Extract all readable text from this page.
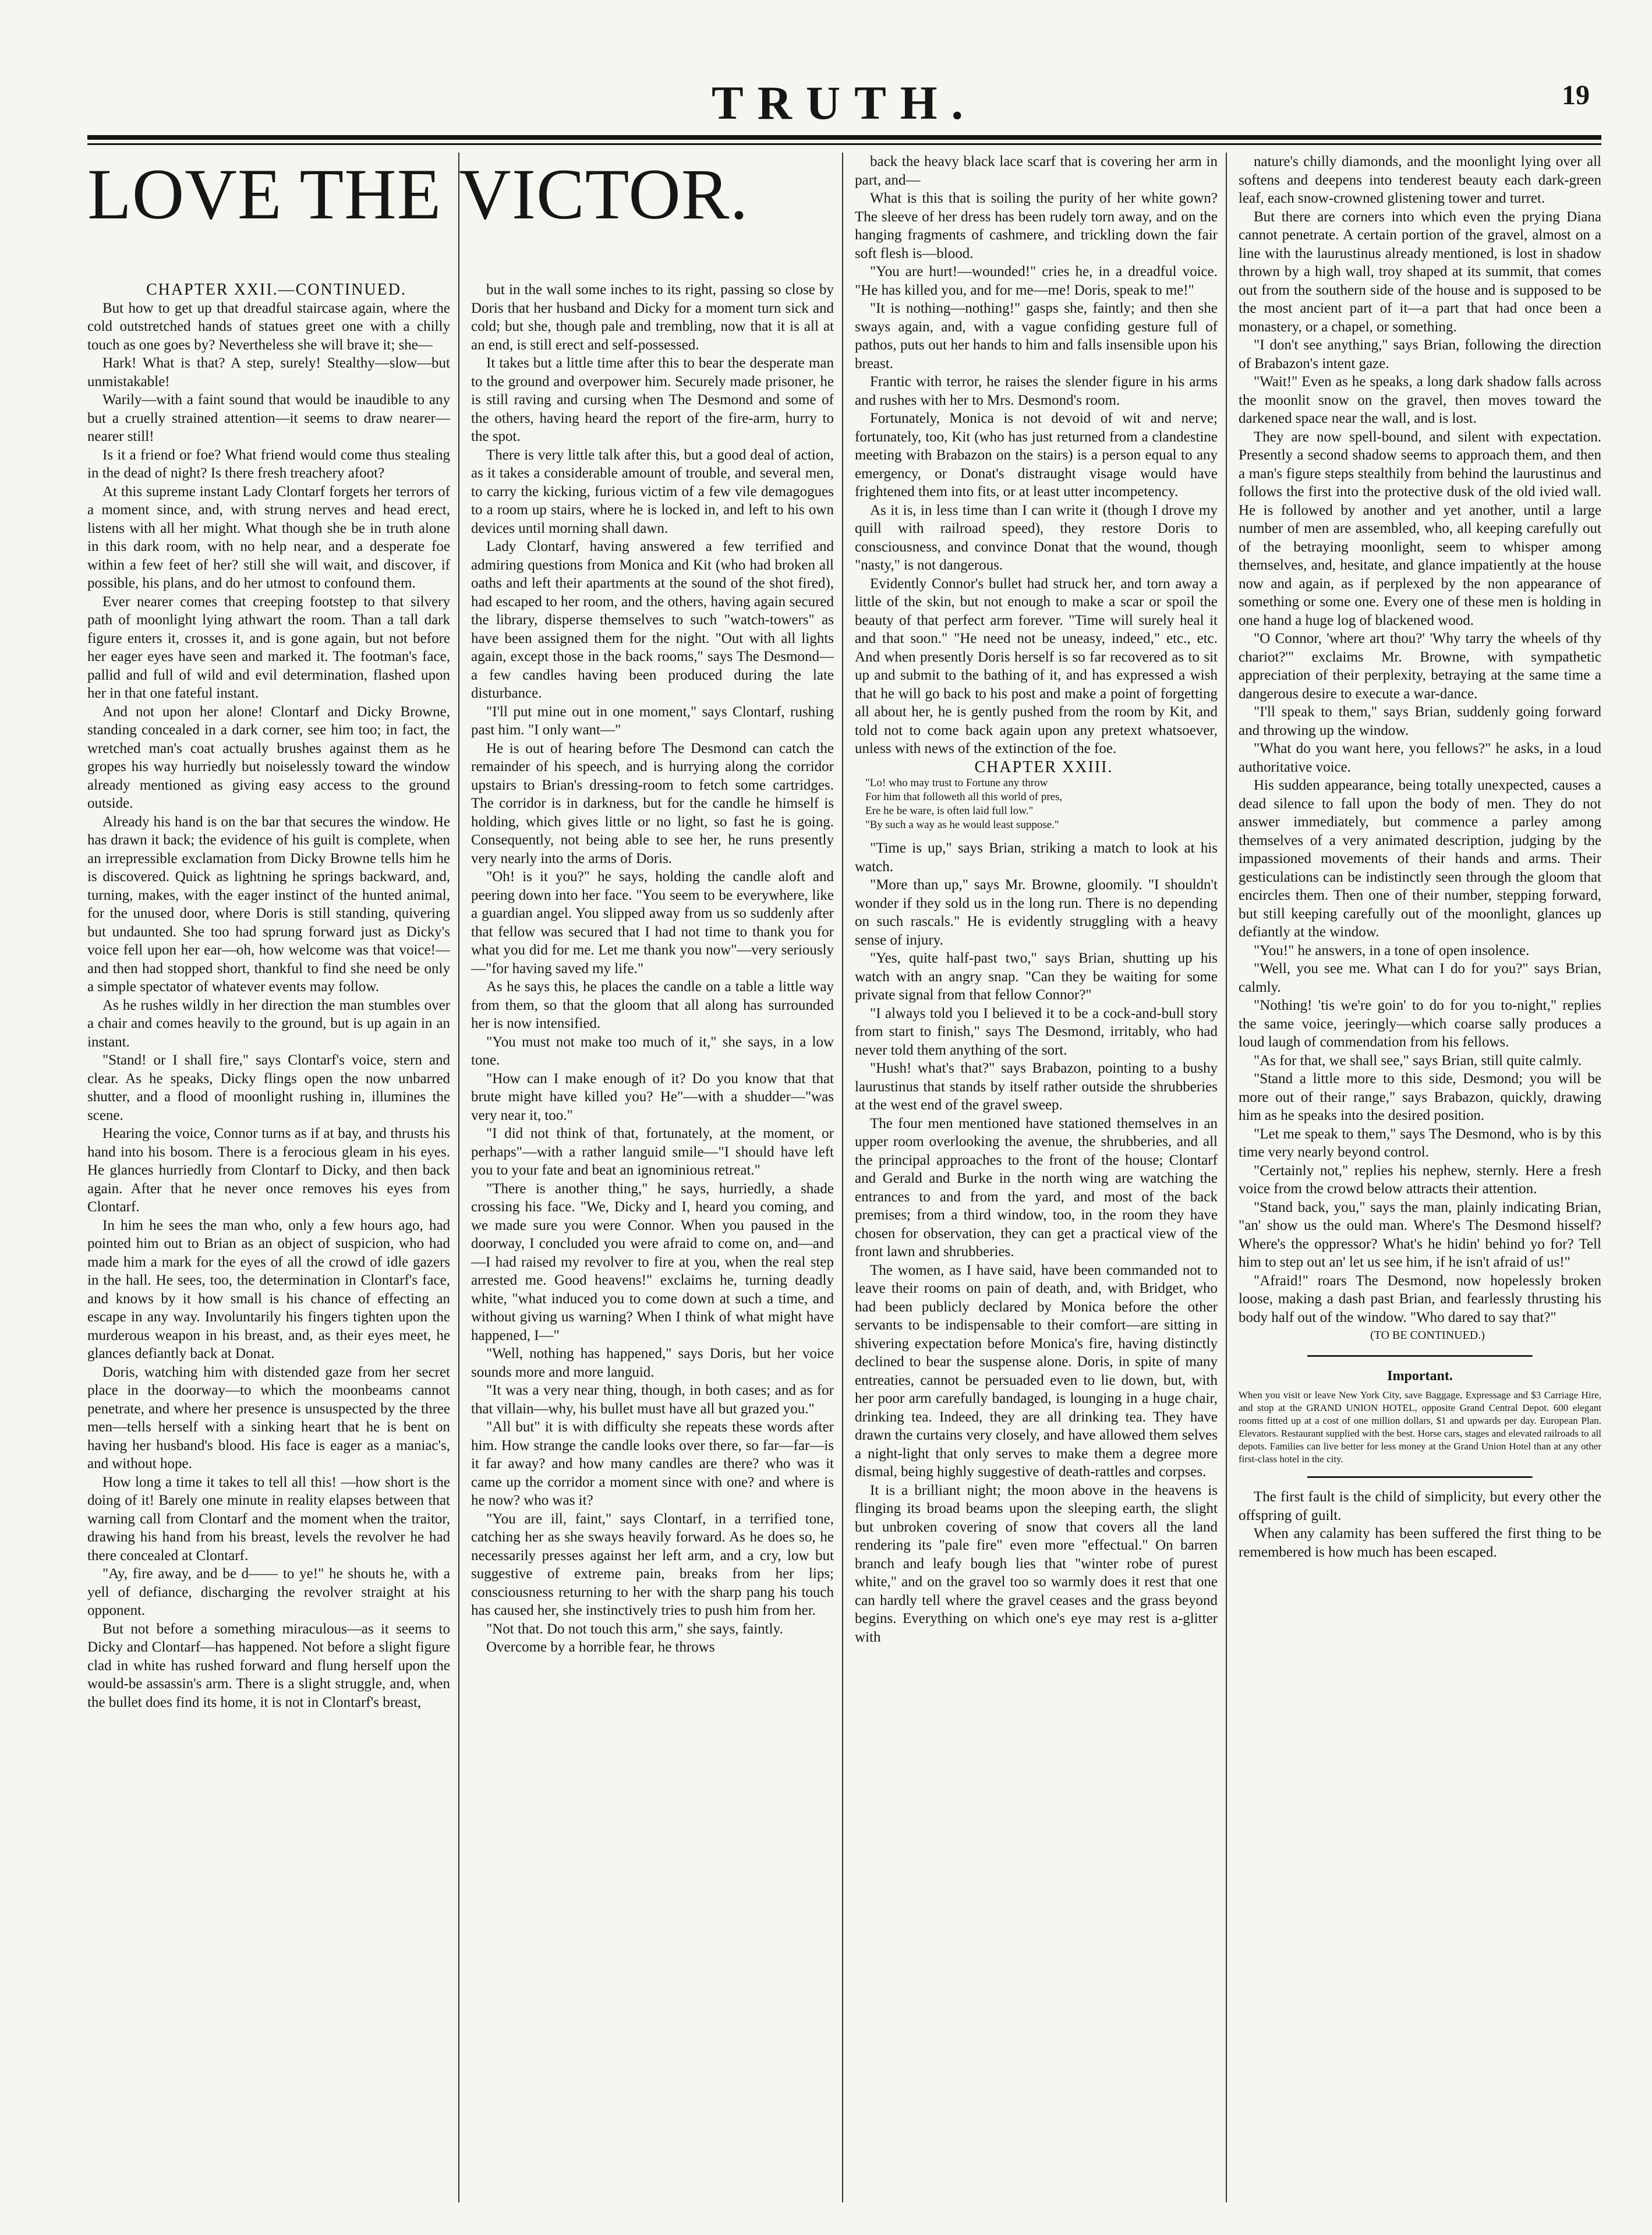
TRUTH.	19
LOVE THE VICTOR.

CHAPTER XXII.—CONTINUED.

But how to get up that dreadful staircase again, where the cold outstretched hands of statues greet one with a chilly touch as one goes by? Nevertheless she will brave it; she—

Hark! What is that? A step, surely! Stealthy—slow—but unmistakable!

Warily—with a faint sound that would be inaudible to any but a cruelly strained attention—it seems to draw nearer—nearer still!

Is it a friend or foe? What friend would come thus stealing in the dead of night? Is there fresh treachery afoot?

At this supreme instant Lady Clontarf forgets her terrors of a moment since, and, with strung nerves and head erect, listens with all her might. What though she be in truth alone in this dark room, with no help near, and a desperate foe within a few feet of her? still she will wait, and discover, if possible, his plans, and do her utmost to confound them.

Ever nearer comes that creeping footstep to that silvery path of moonlight lying athwart the room. Than a tall dark figure enters it, crosses it, and is gone again, but not before her eager eyes have seen and marked it. The footman's face, pallid and full of wild and evil determination, flashed upon her in that one fateful instant.

And not upon her alone! Clontarf and Dicky Browne, standing concealed in a dark corner, see him too; in fact, the wretched man's coat actually brushes against them as he gropes his way hurriedly but noiselessly toward the window already mentioned as giving easy access to the ground outside.

Already his hand is on the bar that secures the window. He has drawn it back; the evidence of his guilt is complete, when an irrepressible exclamation from Dicky Browne tells him he is discovered. Quick as lightning he springs backward, and, turning, makes, with the eager instinct of the hunted animal, for the unused door, where Doris is still standing, quivering but undaunted. She too had sprung forward just as Dicky's voice fell upon her ear—oh, how welcome was that voice!—and then had stopped short, thankful to find she need be only a simple spectator of whatever events may follow.

As he rushes wildly in her direction the man stumbles over a chair and comes heavily to the ground, but is up again in an instant.

"Stand! or I shall fire," says Clontarf's voice, stern and clear. As he speaks, Dicky flings open the now unbarred shutter, and a flood of moonlight rushing in, illumines the scene.

Hearing the voice, Connor turns as if at bay, and thrusts his hand into his bosom. There is a ferocious gleam in his eyes. He glances hurriedly from Clontarf to Dicky, and then back again. After that he never once removes his eyes from Clontarf.

In him he sees the man who, only a few hours ago, had pointed him out to Brian as an object of suspicion, who had made him a mark for the eyes of all the crowd of idle gazers in the hall. He sees, too, the determination in Clontarf's face, and knows by it how small is his chance of effecting an escape in any way. Involuntarily his fingers tighten upon the murderous weapon in his breast, and, as their eyes meet, he glances defiantly back at Donat.

Doris, watching him with distended gaze from her secret place in the doorway—to which the moonbeams cannot penetrate, and where her presence is unsuspected by the three men—tells herself with a sinking heart that he is bent on having her husband's blood. His face is eager as a maniac's, and without hope.

How long a time it takes to tell all this! —how short is the doing of it! Barely one minute in reality elapses between that warning call from Clontarf and the moment when the traitor, drawing his hand from his breast, levels the revolver he had there concealed at Clontarf.

"Ay, fire away, and be d—— to ye!" he shouts he, with a yell of defiance, discharging the revolver straight at his opponent.

But not before a something miraculous—as it seems to Dicky and Clontarf—has happened. Not before a slight figure clad in white has rushed forward and flung herself upon the would-be assassin's arm. There is a slight struggle, and, when the bullet does find its home, it is not in Clontarf's breast,

but in the wall some inches to its right, passing so close by Doris that her husband and Dicky for a moment turn sick and cold; but she, though pale and trembling, now that it is all at an end, is still erect and self-possessed.

It takes but a little time after this to bear the desperate man to the ground and overpower him. Securely made prisoner, he is still raving and cursing when The Desmond and some of the others, having heard the report of the fire-arm, hurry to the spot.

There is very little talk after this, but a good deal of action, as it takes a considerable amount of trouble, and several men, to carry the kicking, furious victim of a few vile demagogues to a room up stairs, where he is locked in, and left to his own devices until morning shall dawn.

Lady Clontarf, having answered a few terrified and admiring questions from Monica and Kit (who had broken all oaths and left their apartments at the sound of the shot fired), had escaped to her room, and the others, having again secured the library, disperse themselves to such "watch-towers" as have been assigned them for the night. "Out with all lights again, except those in the back rooms," says The Desmond—a few candles having been produced during the late disturbance.

"I'll put mine out in one moment," says Clontarf, rushing past him. "I only want—"

He is out of hearing before The Desmond can catch the remainder of his speech, and is hurrying along the corridor upstairs to Brian's dressing-room to fetch some cartridges. The corridor is in darkness, but for the candle he himself is holding, which gives little or no light, so fast he is going. Consequently, not being able to see her, he runs presently very nearly into the arms of Doris.

"Oh! is it you?" he says, holding the candle aloft and peering down into her face. "You seem to be everywhere, like a guardian angel. You slipped away from us so suddenly after that fellow was secured that I had not time to thank you for what you did for me. Let me thank you now"—very seriously—"for having saved my life."

As he says this, he places the candle on a table a little way from them, so that the gloom that all along has surrounded her is now intensified.

"You must not make too much of it," she says, in a low tone.

"How can I make enough of it? Do you know that that brute might have killed you? He"—with a shudder—"was very near it, too."

"I did not think of that, fortunately, at the moment, or perhaps"—with a rather languid smile—"I should have left you to your fate and beat an ignominious retreat."

"There is another thing," he says, hurriedly, a shade crossing his face. "We, Dicky and I, heard you coming, and we made sure you were Connor. When you paused in the doorway, I concluded you were afraid to come on, and—and—I had raised my revolver to fire at you, when the real step arrested me. Good heavens!" exclaims he, turning deadly white, "what induced you to come down at such a time, and without giving us warning? When I think of what might have happened, I—"

"Well, nothing has happened," says Doris, but her voice sounds more and more languid.

"It was a very near thing, though, in both cases; and as for that villain—why, his bullet must have all but grazed you."

"All but" it is with difficulty she repeats these words after him. How strange the candle looks over there, so far—far—is it far away? and how many candles are there? who was it came up the corridor a moment since with one? and where is he now? who was it?

"You are ill, faint," says Clontarf, in a terrified tone, catching her as she sways heavily forward. As he does so, he necessarily presses against her left arm, and a cry, low but suggestive of extreme pain, breaks from her lips; consciousness returning to her with the sharp pang his touch has caused her, she instinctively tries to push him from her.

"Not that. Do not touch this arm," she says, faintly.

Overcome by a horrible fear, he throws

back the heavy black lace scarf that is covering her arm in part, and—

What is this that is soiling the purity of her white gown? The sleeve of her dress has been rudely torn away, and on the hanging fragments of cashmere, and trickling down the fair soft flesh is—blood.

"You are hurt!—wounded!" cries he, in a dreadful voice. "He has killed you, and for me—me! Doris, speak to me!"

"It is nothing—nothing!" gasps she, faintly; and then she sways again, and, with a vague confiding gesture full of pathos, puts out her hands to him and falls insensible upon his breast.

Frantic with terror, he raises the slender figure in his arms and rushes with her to Mrs. Desmond's room.

Fortunately, Monica is not devoid of wit and nerve; fortunately, too, Kit (who has just returned from a clandestine meeting with Brabazon on the stairs) is a person equal to any emergency, or Donat's distraught visage would have frightened them into fits, or at least utter incompetency.

As it is, in less time than I can write it (though I drove my quill with railroad speed), they restore Doris to consciousness, and convince Donat that the wound, though "nasty," is not dangerous.

Evidently Connor's bullet had struck her, and torn away a little of the skin, but not enough to make a scar or spoil the beauty of that perfect arm forever. "Time will surely heal it and that soon." "He need not be uneasy, indeed," etc., etc. And when presently Doris herself is so far recovered as to sit up and submit to the bathing of it, and has expressed a wish that he will go back to his post and make a point of forgetting all about her, he is gently pushed from the room by Kit, and told not to come back again upon any pretext whatsoever, unless with news of the extinction of the foe.

CHAPTER XXIII.

"Lo! who may trust to Fortune any throw
For him that followeth all this world of pres,
Ere he be ware, is often laid full low."
"By such a way as he would least suppose."

"Time is up," says Brian, striking a match to look at his watch.

"More than up," says Mr. Browne, gloomily. "I shouldn't wonder if they sold us in the long run. There is no depending on such rascals." He is evidently struggling with a heavy sense of injury.

"Yes, quite half-past two," says Brian, shutting up his watch with an angry snap. "Can they be waiting for some private signal from that fellow Connor?"

"I always told you I believed it to be a cock-and-bull story from start to finish," says The Desmond, irritably, who had never told them anything of the sort.

"Hush! what's that?" says Brabazon, pointing to a bushy laurustinus that stands by itself rather outside the shrubberies at the west end of the gravel sweep.

The four men mentioned have stationed themselves in an upper room overlooking the avenue, the shrubberies, and all the principal approaches to the front of the house; Clontarf and Gerald and Burke in the north wing are watching the entrances to and from the yard, and most of the back premises; from a third window, too, in the room they have chosen for observation, they can get a practical view of the front lawn and shrubberies.

The women, as I have said, have been commanded not to leave their rooms on pain of death, and, with Bridget, who had been publicly declared by Monica before the other servants to be indispensable to their comfort—are sitting in shivering expectation before Monica's fire, having distinctly declined to bear the suspense alone. Doris, in spite of many entreaties, cannot be persuaded even to lie down, but, with her poor arm carefully bandaged, is lounging in a huge chair, drinking tea. Indeed, they are all drinking tea. They have drawn the curtains very closely, and have allowed them selves a night-light that only serves to make them a degree more dismal, being highly suggestive of death-rattles and corpses.

It is a brilliant night; the moon above in the heavens is flinging its broad beams upon the sleeping earth, the slight but unbroken covering of snow that covers all the land rendering its "pale fire" even more "effectual." On barren branch and leafy bough lies that "winter robe of purest white," and on the gravel too so warmly does it rest that one can hardly tell where the gravel ceases and the grass beyond begins. Everything on which one's eye may rest is a-glitter with

nature's chilly diamonds, and the moonlight lying over all softens and deepens into tenderest beauty each dark-green leaf, each snow-crowned glistening tower and turret.

But there are corners into which even the prying Diana cannot penetrate. A certain portion of the gravel, almost on a line with the laurustinus already mentioned, is lost in shadow thrown by a high wall, troy shaped at its summit, that comes out from the southern side of the house and is supposed to be the most ancient part of it—a part that had once been a monastery, or a chapel, or something.

"I don't see anything," says Brian, following the direction of Brabazon's intent gaze.

"Wait!" Even as he speaks, a long dark shadow falls across the moonlit snow on the gravel, then moves toward the darkened space near the wall, and is lost.

They are now spell-bound, and silent with expectation. Presently a second shadow seems to approach them, and then a man's figure steps stealthily from behind the laurustinus and follows the first into the protective dusk of the old ivied wall. He is followed by another and yet another, until a large number of men are assembled, who, all keeping carefully out of the betraying moonlight, seem to whisper among themselves, and, hesitate, and glance impatiently at the house now and again, as if perplexed by the non appearance of something or some one. Every one of these men is holding in one hand a huge log of blackened wood.

"O Connor, 'where art thou?' 'Why tarry the wheels of thy chariot?'" exclaims Mr. Browne, with sympathetic appreciation of their perplexity, betraying at the same time a dangerous desire to execute a war-dance.

"I'll speak to them," says Brian, suddenly going forward and throwing up the window.

"What do you want here, you fellows?" he asks, in a loud authoritative voice.

His sudden appearance, being totally unexpected, causes a dead silence to fall upon the body of men. They do not answer immediately, but commence a parley among themselves of a very animated description, judging by the impassioned movements of their hands and arms. Their gesticulations can be indistinctly seen through the gloom that encircles them. Then one of their number, stepping forward, but still keeping carefully out of the moonlight, glances up defiantly at the window.

"You!" he answers, in a tone of open insolence.

"Well, you see me. What can I do for you?" says Brian, calmly.

"Nothing! 'tis we're goin' to do for you to-night," replies the same voice, jeeringly—which coarse sally produces a loud laugh of commendation from his fellows.

"As for that, we shall see," says Brian, still quite calmly.

"Stand a little more to this side, Desmond; you will be more out of their range," says Brabazon, quickly, drawing him as he speaks into the desired position.

"Let me speak to them," says The Desmond, who is by this time very nearly beyond control.

"Certainly not," replies his nephew, sternly. Here a fresh voice from the crowd below attracts their attention.

"Stand back, you," says the man, plainly indicating Brian, "an' show us the ould man. Where's The Desmond hisself? Where's the oppressor? What's he hidin' behind yo for? Tell him to step out an' let us see him, if he isn't afraid of us!"

"Afraid!" roars The Desmond, now hopelessly broken loose, making a dash past Brian, and fearlessly thrusting his body half out of the window. "Who dared to say that?"

(TO BE CONTINUED.)

Important.
When you visit or leave New York City, save Baggage, Expressage and $3 Carriage Hire, and stop at the GRAND UNION HOTEL, opposite Grand Central Depot. 600 elegant rooms fitted up at a cost of one million dollars, $1 and upwards per day. European Plan. Elevators. Restaurant supplied with the best. Horse cars, stages and elevated railroads to all depots. Families can live better for less money at the Grand Union Hotel than at any other first-class hotel in the city.

The first fault is the child of simplicity, but every other the offspring of guilt.

When any calamity has been suffered the first thing to be remembered is how much has been escaped.
